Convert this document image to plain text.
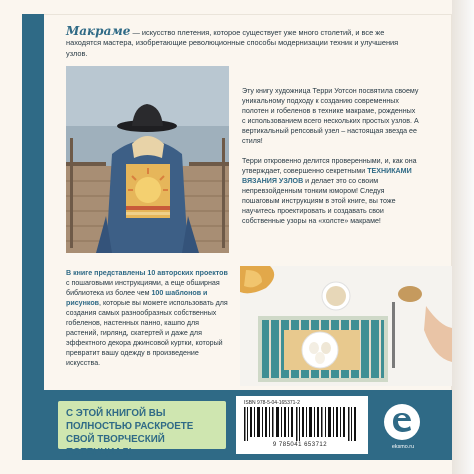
Макраме — искусство плетения, которое существует уже много столетий, и все же находятся мастера, изобретающие революционные способы модернизации техник и улучшения узлов.

Эту книгу художница Терри Уотсон посвятила своему уникальному подходу к созданию современных полотен и гобеленов в технике макраме, рожденных с использованием всего нескольких простых узлов. А вертикальный репсовый узел – настоящая звезда ее стиля!

Терри откровенно делится проверенными, и, как она утверждает, совершенно секретными ТЕХНИКАМИ ВЯЗАНИЯ УЗЛОВ и делает это со своим непревзойденным тонким юмором! Следуя пошаговым инструкциям в этой книге, вы тоже научитесь проектировать и создавать свои собственные узоры на «холсте» макраме!

В книге представлены 10 авторских проектов с пошаговыми инструкциями, а еще обширная библиотека из более чем 100 шаблонов и рисунков, которые вы можете использовать для создания самых разнообразных собственных гобеленов, настенных панно, кашпо для растений, гирлянд, скатертей и даже для эффектного декора джинсовой куртки, который превратит вашу одежду в произведение искусства.
С ЭТОЙ КНИГОЙ ВЫ ПОЛНОСТЬЮ РАСКРОЕТЕ СВОЙ ТВОРЧЕСКИЙ ПОТЕНЦИАЛ!
ISBN 978-5-04-165371-2
9 785041 653712	eksmo.ru
